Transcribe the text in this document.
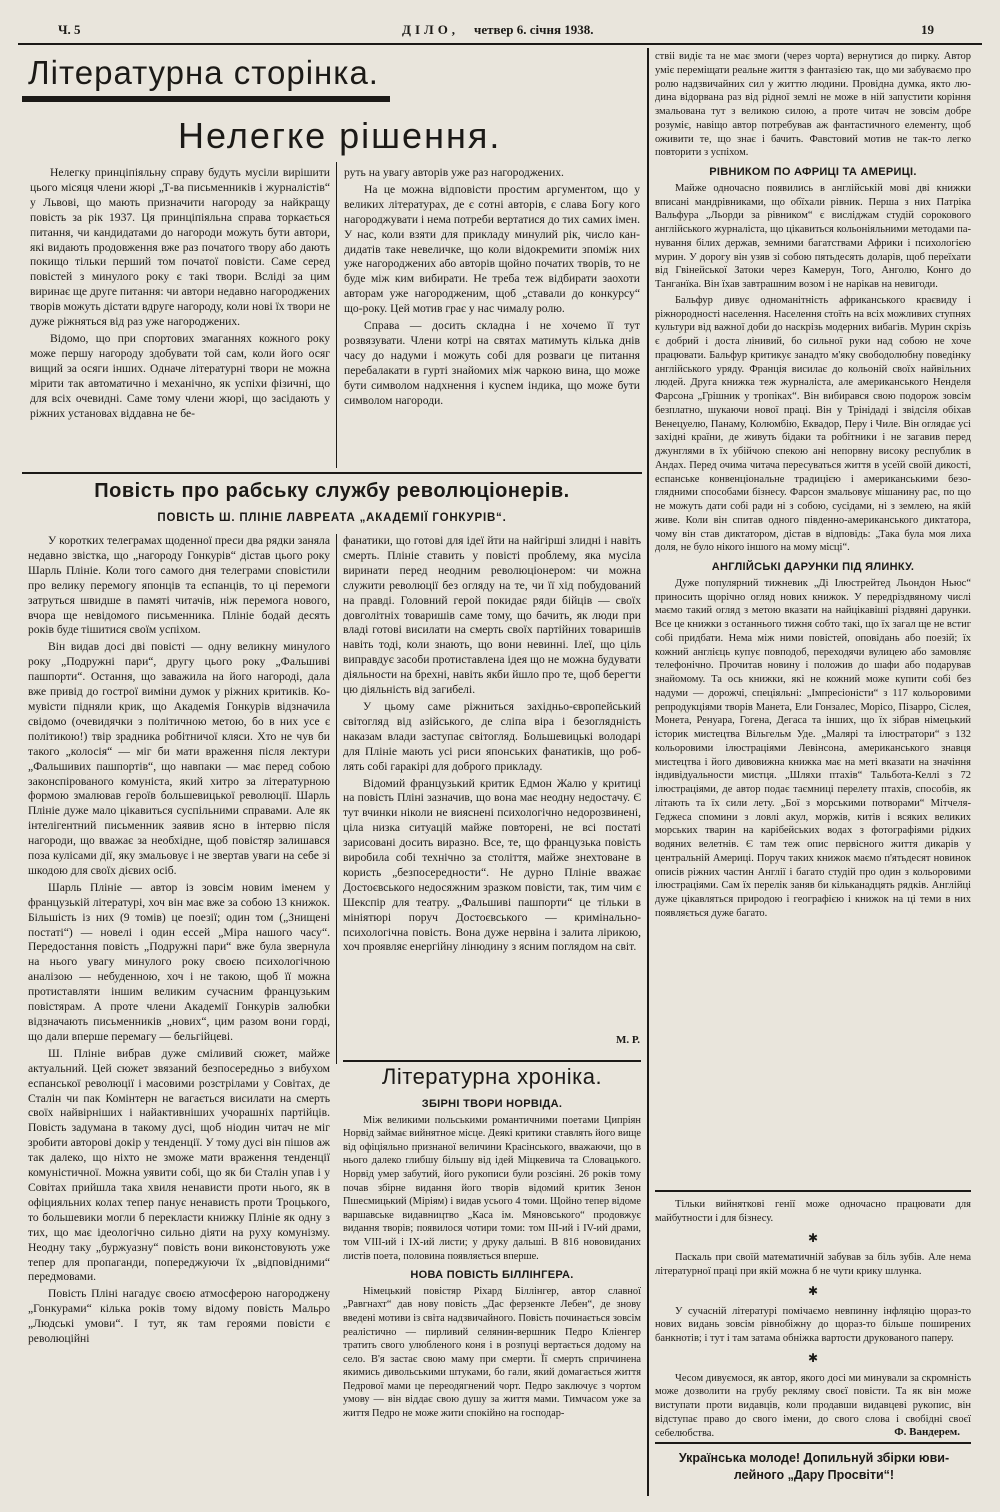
Ч. 5	ДІЛО, четвер 6. січня 1938.	19
Літературна сторінка.
Нелегке рішення.

Нелегку принціпіяльну справу будуть мусіли вирішити цього місяця члени жюрі „Т-ва письменників і журналістів“ у Львові, що мають призначити нагороду за найкращу повість за рік 1937. Ця принціпіяльна справа торкається питання, чи кандидатами до нагороди можуть бути автори, які видають продовження вже раз початого твору або дають покищо тільки перший том початої повісти. Саме серед повістей з минулого року є такі твори. Всліді за цим виринає ще друге питання: чи автори недавно нагороджених творів можуть дістати вдруге нагороду, коли нові їх твори не дуже ріжняться від раз уже нагороджених.

Відомо, що при спортових змаганнях кожного року може першу нагороду здобувати той сам, коли його осяг вищий за осяги інших. Одначе літературні твори не можна мірити так автоматично і механічно, як успіхи фізичні, що для всіх очевидні. Саме тому члени жюрі, що засідають у ріжних установах віддавна не бе-

руть на увагу авторів уже раз нагороджених.

На це можна відповісти простим аргументом, що у великих літературах, де є сотні авторів, є слава Богу кого нагороджувати і нема потреби вертатися до тих самих імен. У нас, коли взяти для прикладу минулий рік, число кандидатів таке невеличке, що коли відокремити зпоміж них уже нагороджених або авторів щойно початих творів, то не буде між ким вибирати. Не треба теж відбирати заохоти авторам уже нагородженим, щоб „ставали до конкурсу“ що-року. Цей мотив грає у нас чималу ролю.

Справа — досить складна і не хочемо її тут розвязувати. Члени котрі на святах матимуть кілька днів часу до надуми і можуть собі для розваги це питання перебалакати в гурті знайомих між чаркою вина, що може бути символом надхнення і кусnем індика, що може бути символом нагороди.

Повість про рабську службу революціонерів.
ПОВІСТЬ Ш. ПЛІНІЕ ЛАВРЕАТА „АКАДЕМІЇ ГОНКУРІВ“.

У коротких телеграмах щоденної преси два рядки заняла недавно звістка, що „нагороду Гонкурів“ дістав цього року Шарль Плініе. Коли того самого дня телеграми сповістили про велику перемогу японців та еспанців, то ці перемоги затруться швидше в памяті читачів, ніж перемога нового, вчора ще невідомого письменника. Плініе бодай десять років буде тішитися своїм успіхом.

Він видав досі дві повісті — одну великну минулого року „Подружні пари“, другу цього року „Фальшиві пашпорти“. Остання, що заважила на його нагороді, дала вже привід до гострої виміни думок у ріжних критиків. Комувісти підняли крик, що Академія Гонкурів відзначила свідомо (очевидячки з політичною метою, бо в них усе є політикою!) твір зрадника робітничої кляси. Хто не чув би такого „колосія“ — міг би мати враження після лектури „Фальшивих пашпортів“, що навпаки — має перед собою законспірованого комуніста, який хитро за літературною формою змалював героїв большевицької революції. Шарль Плініе дуже мало цікавиться суспільними справами. Але як інтелігентний письменник заявив ясно в інтервю після нагороди, що вважає за необхідне, щоб повістяр залишався поза кулісами дії, яку змальовує і не звертав уваги на себе зі шкодою для своїх дієвих осіб.

Шарль Плініе — автор із зовсім новим іменем у французькій літературі, хоч він має вже за собою 13 книжок. Більшість із них (9 томів) це поезії; один том („Знищені постаті“) — новелі і один ессей „Міра нашого часу“. Передостання повість „Подружні пари“ вже була звернула на нього увагу минулого року своєю психологічною аналізою — небуденною, хоч і не такою, щоб її можна протиставляти іншим великим сучасним французьким повістярам. А проте члени Академії Гонкурів залюбки відзначають письменників „нових“, цим разом вони горді, що дали вперше перемагу — бельгійцеві.

Ш. Плініе вибрав дуже сміливий сюжет, майже актуальний. Цей сюжет звязаний безпосередньо з вибухом еспанської революції і масовими розстрілами у Совітах, де Сталін чи пак Комінтерн не вагається висилати на смерть своїх найвірніших і найактивніших учорашніх партійців. Повість задумана в такому дусі, щоб ніодин читач не міг зробити авторові докір у тенденції. У тому дусі він пішов аж так далеко, що ніхто не зможе мати враження тенденції комуністичної. Можна уявити собі, що як би Сталін упав і у Совітах прийшла така хвиля ненависти проти нього, як в офіцияльних колах тепер панує ненависть проти Троцького, то большевики могли б перекласти книжку Плініе як одну з тих, що має ідеологічно сильно діяти на руху комунізму. Неодну таку „буржуазну“ повість вони виконстовують уже тепер для пропаганди, попереджуючи їх „відповідними“ передмовами.

Повість Пліні нагадує своєю атмосферою нагороджену „Гонкурами“ кілька років тому відому повість Мальро „Людські умови“. І тут, як там героями повісти є революційні

фанатики, що готові для ідеї йти на найгірші злидні і навіть смерть. Плініе ставить у повісті проблему, яка мусіла виринати перед неодним революціонером: чи можна служити революції без огляду на те, чи її хід побудований на правді. Головний герой покидає ряди бійців — своїх довголітніх товаришів саме тому, що бачить, як люди при владі готові висилати на смерть своїх партійних товаришів навіть тоді, коли знають, що вони невинні. Ілеї, що ціль виправдує засоби протиставлена ідея що не можна будувати діяльности на брехні, навіть якби йшло про те, щоб берегти цю діяльність від загибелі.

У цьому саме ріжниться західньо-європейський світогляд від азійського, де сліпа віра і безоглядність наказам влади заступає світогляд. Большевицькі володарі для Плініе мають усі риси японських фанатиків, що роблять собі гаракірі для доброго прикладу.

Відомий французький критик Едмон Жалю у критиці на повість Пліні зазначив, що вона має неодну недостачу. Є тут вчинки ніколи не вияснені психологічно недорозвинені, ціла низка ситуацій майже повторені, не всі постаті зарисовані досить виразно. Все, те, що французька повість виробила собі технічно за століття, майже знехтоване в користь „безпосередности“. Не дурно Плініе вважає Достоєвського недосяжним зразком повісти, так, тим чим є Шекспір для театру. „Фальшиві пашпорти“ це тільки в мініятюрі поруч Достоєвського — кримінально-психологічна повість. Вона дуже нервіна і залита лірикою, хоч проявляє енергійну лінюдину з ясним поглядом на світ.

М. Р.
Літературна хроніка.
ЗБІРНІ ТВОРИ НОРВІДА.

Між великими польськими романтичними поетами Ципріян Норвід займає вийнятное місце. Деякі критики ставлять його вище від офіціяльно признаної величини Красінського, вважаючи, що в нього далеко глибшу більшу від ідей Міцкевича та Словацького. Норвід умер забутий, його рукописи були розсіяні. 26 років тому почав збірне видання його творів відомий критик Зенон Пшесмицький (Міріям) і видав усього 4 томи. Щойно тепер відоме варшавське видавництво „Каса ім. Мяновського“ продовжує видання творів; появилося чотири томи: том ІІІ-ий і ІV-ий драми, том VІІІ-ий і ІХ-ий листи; у друку дальші. В 816 нововиданих листів поета, половина появляється вперше.

НОВА ПОВІСТЬ БІЛЛІНГЕРА.

Німецький повістяр Ріхард Біллінгер, автор славної „Равгнахт“ дав нову повість „Дас ферзенкте Лебен“, де знову введені мотиви із світа надзвичайного. Повість починається зовсім реалістично — пирливий селянин-вершник Педро Кліенгер тратить свого улюбленого коня і в розпуці вертається додому на село. В'я застає свою маму при смерти. Її смерть спричинена якимись дивольськими штуками, бо гали, який домагається життя Педрової мами це переодягнений чорт. Педро заключує з чортом умову — він віддає свою душу за життя мами. Тимчасом уже за життя Педро не може жити спокійно на господар-

ствіі видіє та не має змоги (через чорта) вернутися до пирку. Автор уміє переміщати реальне життя з фантазією так, що ми забуваємо про ролю надзвичайних сил у життю людини. Провідна думка, якто людина відорвана раз від рідної землі не може в ній запустити коріння змальована тут з великою силою, а проте читач не зовсім добре розуміє, навіщо автор потребував аж фантастичного елементу, щоб оживити те, що знає і бачить. Фавстовий мотив не так-то легко повторити з успіхом.

РІВНИКОМ ПО АФРИЦІ ТА АМЕРИЦІ.

Майже одночасно появились в англійській мові дві книжки вписані мандрівниками, що обїхали рівник. Перша з них Патріка Вальфура „Льорди за рівником“ є висліджам студій сорокового англійського журналіста, що цікавиться кольоніяльними методами панування білих держав, земними багатствами Африки і психологією мурин. У дорогу він узяв зі собою пятьдесять доларів, щоб переїхати від Гвінейської Затоки через Камерун, Того, Анголю, Конго до Танганїка. Він їхав завтрашним возом і не нарікав на невигоди.

Бальфур дивує одноманітність африканського краєвиду і ріжнородності населення. Населення стоїть на всіх можливих ступнях культури від важної доби до наскрізь модерних вибагів. Мурин скрізь є добрий і доста лінивий, бо сильної руки над собою не хоче працювати. Бальфур критикує занадто м'яку свободолюбну поведінку англійського уряду. Франція висилає до кольоній своїх найвільних людей. Друга книжка теж журналіста, але американського Ненделя Фарсона „Грішник у тропіках“. Він вибирався свою подорож зовсім безплатно, шукаючи нової праці. Він у Трінідаді і звідсіля обіхав Венецуелю, Панаму, Колюмбію, Еквадор, Перу і Чиле. Він оглядає усі західні країни, де живуть бідаки та робітники і не загавив перед джунглями в їх убійчою спекою ані непорвну високу республик в Андах. Перед очима читача пересуваться життя в усеїй своїй дикості, еспанське конвенціональне традицією і американськими безоглядними способами бізнесу. Фарсон змальовує мішанину рас, по що не можуть дати собі ради ні з собою, сусідами, ні з землею, на якій живе. Коли він спитав одного південно-американського диктатора, чому він став диктатором, дістав в відповідь: „Така була моя лиха доля, не було нікого іншого на мому місці“.

АНГЛІЙСЬКІ ДАРУНКИ ПІД ЯЛИНКУ.

Дуже популярний тижневик „Ді Ілюстрейтед Льондон Ньюс“ приносить щорічно огляд нових книжок. У передріздвяному числі маємо такий огляд з метою вказати на найцікавіші різдвяні дарунки. Все це книжки з останнього тижня собто такі, що їх загал ще не встиг собі придбати. Нема між ними повістей, оповідань або поезій; їх кожний англієць купує повподоб, переходячи вулицею або замовляє телефонічно. Прочитав новину і положив до шафи або подарував знайомому. Та ось книжки, які не кожний може купити собі без надуми — дорожчі, спеціяльні: „Імпресіоністи“ з 117 кольоровими репродукціями творів Манета, Ели Гонзалес, Морісо, Пізарро, Сіслея, Монета, Ренуара, Гогена, Дегаса та інших, що їх зібрав німецький історик мистецтва Вільгельм Уде. „Малярі та ілюстратори“ з 132 кольоровими ілюстраціями Левінсона, американського знавця мистецтва і його дивовижна книжка має на меті вказати на значіння індивідуальности мистця. „Шляхи птахів“ Тальбота-Келлі з 72 ілюстраціями, де автор подає таємниці перелету птахів, способів, як літають та їх сили лету. „Бої з морськими потворами“ Мітчеля-Геджеса спомини з ловлі акул, моржів, китів і всяких великих морських тварин на карібейських водах з фотографіями рідких водяних велетнів. Є там теж опис первісного життя дикарів у центральній Америці. Поруч таких книжок маємо п'ятьдесят новинок описів ріжних частин Англії і багато студій про один з кольоровими ілюстраціями. Сам їх перелік заняв би кільканадцять рядків. Англійці дуже цікавляться природою і географією і книжок на ці теми в них появляється дуже багато.

Тільки вийняткові генії може одночасно працювати для майбутности і для бізнесу.

✱

Паскаль при своїй математичній забував за біль зубів. Але нема літературної праці при якій можна б не чути крику шлунка.

✱

У сучасній літературі помічаємо невпинну інфляцію щораз-то нових видань зовсім рівнобіжну до щораз-то більше поширених банкнотів; і тут і там затама обніжка вартости друкованого паперу.

✱

Чесом дивуємося, як автор, якого досі ми минували за скромність може дозволити на грубу рекляму своєї повісти. Та як він може виступати проти видавців, коли продавши видавцеві рукопис, він відступає право до свого імени, до свого слова і свобідні своєї себелюбства.	Ф. Вандерем.
Українська молоде! Допильнуй збірки ювилейного „Дару Просвіти“!
